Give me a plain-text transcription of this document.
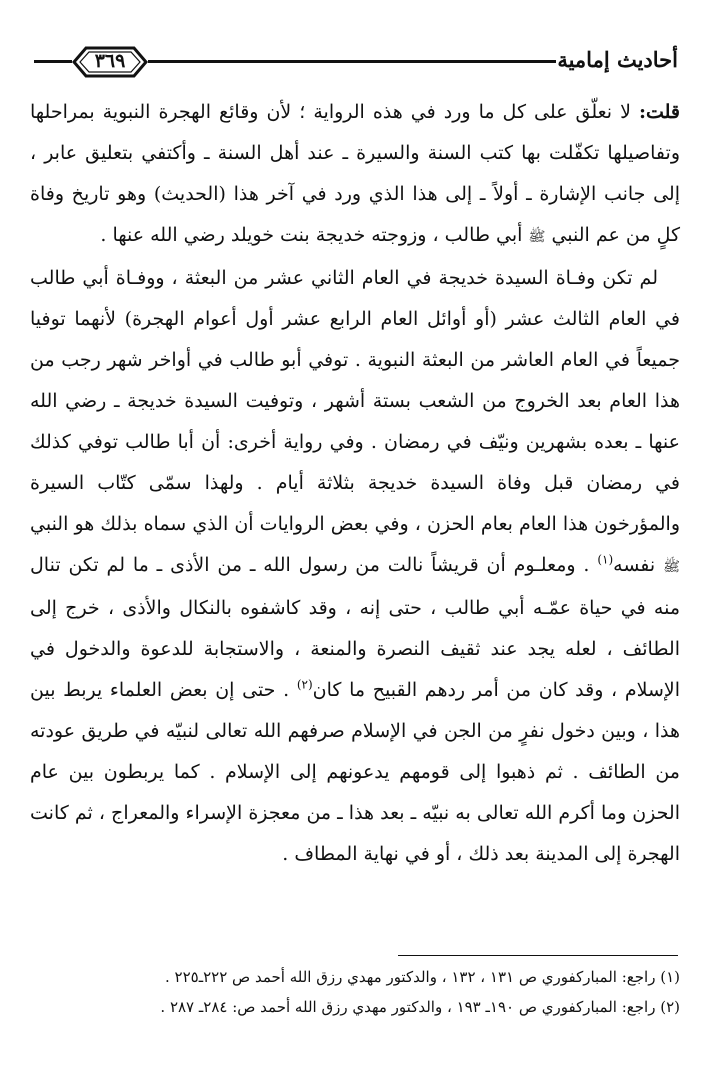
٣٦٩	أحاديث إمامية

قلت: لا نعلّق على كل ما ورد في هذه الرواية ؛ لأن وقائع الهجرة النبوية بمراحلها وتفاصيلها تكفّلت بها كتب السنة والسيرة ـ عند أهل السنة ـ وأكتفي بتعليق عابر ، إلى جانب الإشارة ـ أولاً ـ إلى هذا الذي ورد في آخر هذا (الحديث) وهو تاريخ وفاة كلٍ من عم النبي ﷺ أبي طالب ، وزوجته خديجة بنت خويلد رضي الله عنها .

لم تكن وفـاة السيدة خديجة في العام الثاني عشر من البعثة ، ووفـاة أبي طالب في العام الثالث عشر (أو أوائل العام الرابع عشر أول أعوام الهجرة) لأنهما توفيا جميعاً في العام العاشر من البعثة النبوية . توفي أبو طالب في أواخر شهر رجب من هذا العام بعد الخروج من الشعب بستة أشهر ، وتوفيت السيدة خديجة ـ رضي الله عنها ـ بعده بشهرين ونيّف في رمضان . وفي رواية أخرى: أن أبا طالب توفي كذلك في رمضان قبل وفاة السيدة خديجة بثلاثة أيام . ولهذا سمّى كتّاب السيرة والمؤرخون هذا العام بعام الحزن ، وفي بعض الروايات أن الذي سماه بذلك هو النبي ﷺ نفسه$^{(١)}$ . ومعلـوم أن قريشاً نالت من رسول الله ـ من الأذى ـ ما لم تكن تنال منه في حياة عمّـه أبي طالب ، حتى إنه ، وقد كاشفوه بالنكال والأذى ، خرج إلى الطائف ، لعله يجد عند ثقيف النصرة والمنعة ، والاستجابة للدعوة والدخول في الإسلام ، وقد كان من أمر ردهم القبيح ما كان$^{(٢)}$ . حتى إن بعض العلماء يربط بين هذا ، وبين دخول نفرٍ من الجن في الإسلام صرفهم الله تعالى لنبيّه في طريق عودته من الطائف . ثم ذهبوا إلى قومهم يدعونهم إلى الإسلام . كما يربطون بين عام الحزن وما أكرم الله تعالى به نبيّه ـ بعد هذا ـ من معجزة الإسراء والمعراج ، ثم كانت الهجرة إلى المدينة بعد ذلك ، أو في نهاية المطاف .

(١) راجع: المباركفوري ص ١٣١ ، ١٣٢ ، والدكتور مهدي رزق الله أحمد ص ٢٢٢ـ٢٢٥ .
(٢) راجع: المباركفوري ص ١٩٠ـ ١٩٣ ، والدكتور مهدي رزق الله أحمد ص: ٢٨٤ـ ٢٨٧ .
